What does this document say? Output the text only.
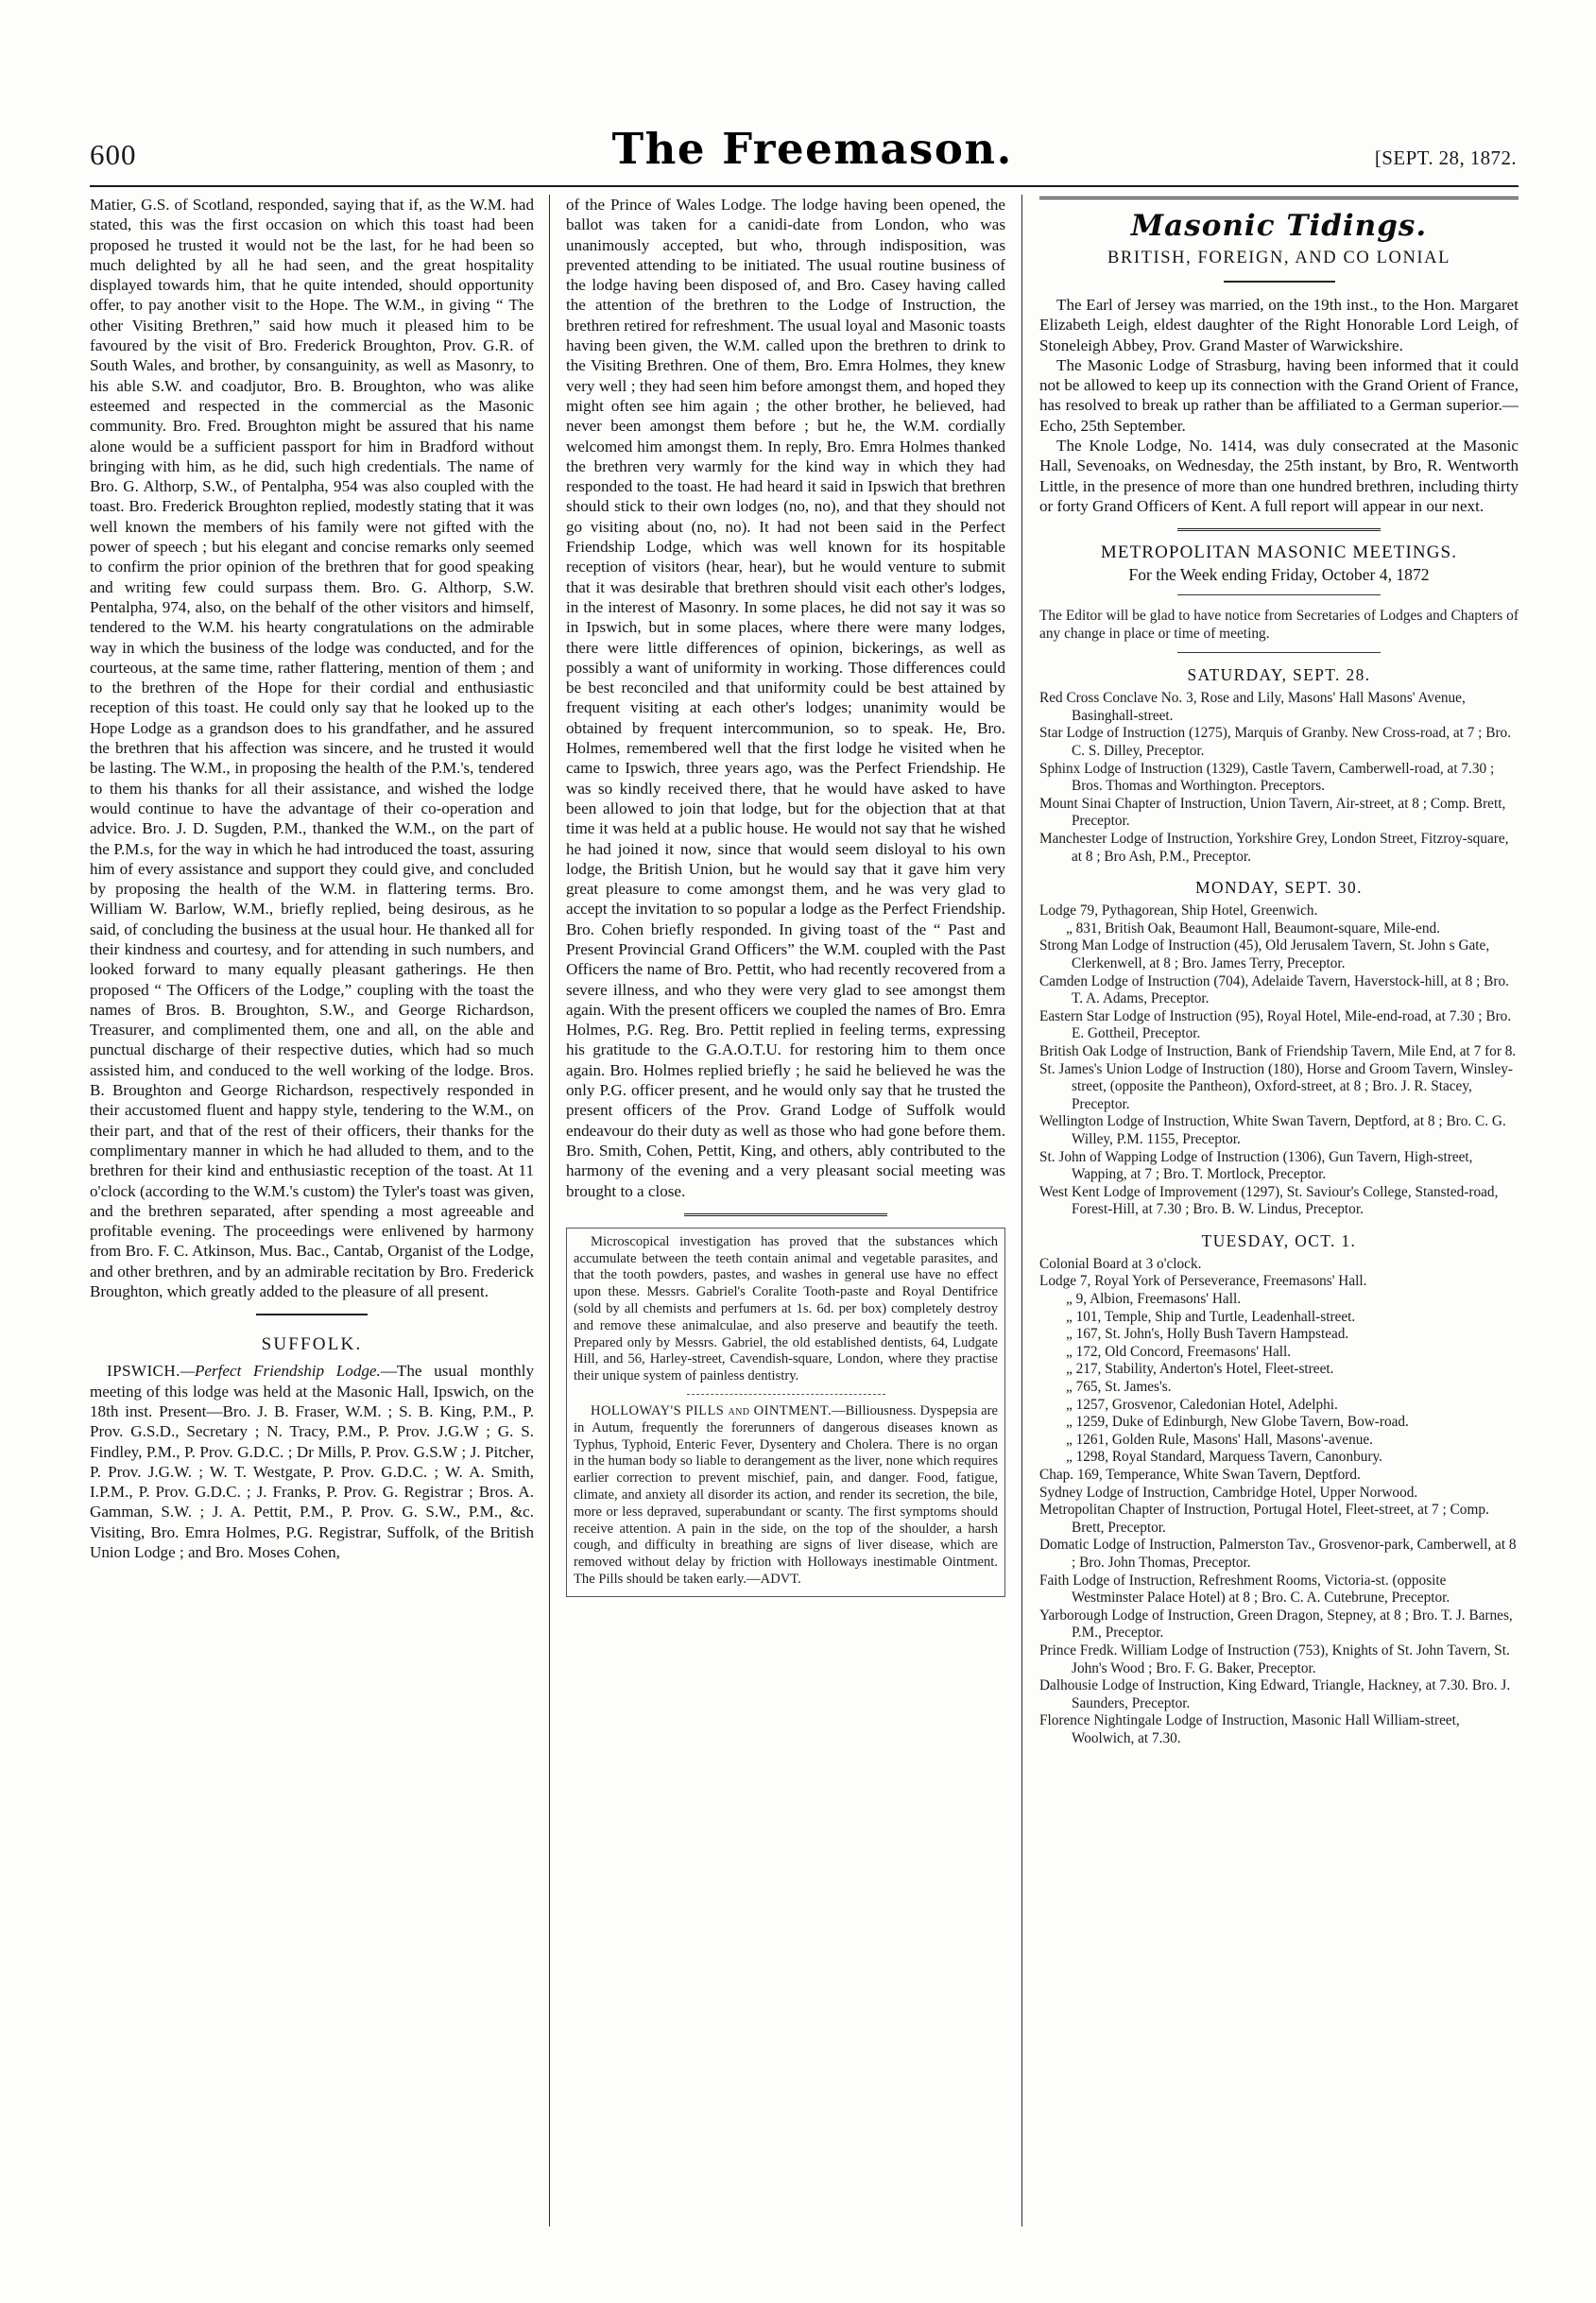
600	The Freemason.	[SEPT. 28, 1872.

Matier, G.S. of Scotland, responded, saying that if, as the W.M. had stated, this was the first occasion on which this toast had been proposed he trusted it would not be the last, for he had been so much delighted by all he had seen, and the great hospitality displayed towards him, that he quite intended, should opportunity offer, to pay another visit to the Hope. The W.M., in giving “ The other Visiting Brethren,” said how much it pleased him to be favoured by the visit of Bro. Frederick Broughton, Prov. G.R. of South Wales, and brother, by consanguinity, as well as Masonry, to his able S.W. and coadjutor, Bro. B. Broughton, who was alike esteemed and respected in the commercial as the Masonic community. Bro. Fred. Broughton might be assured that his name alone would be a sufficient passport for him in Bradford without bringing with him, as he did, such high credentials. The name of Bro. G. Althorp, S.W., of Pentalpha, 954 was also coupled with the toast. Bro. Frederick Broughton replied, modestly stating that it was well known the members of his family were not gifted with the power of speech ; but his elegant and concise remarks only seemed to confirm the prior opinion of the brethren that for good speaking and writing few could surpass them. Bro. G. Althorp, S.W. Pentalpha, 974, also, on the behalf of the other visitors and himself, tendered to the W.M. his hearty congratulations on the admirable way in which the business of the lodge was conducted, and for the courteous, at the same time, rather flattering, mention of them ; and to the brethren of the Hope for their cordial and enthusiastic reception of this toast. He could only say that he looked up to the Hope Lodge as a grandson does to his grandfather, and he assured the brethren that his affection was sincere, and he trusted it would be lasting. The W.M., in proposing the health of the P.M.'s, tendered to them his thanks for all their assistance, and wished the lodge would continue to have the advantage of their co-operation and advice. Bro. J. D. Sugden, P.M., thanked the W.M., on the part of the P.M.s, for the way in which he had introduced the toast, assuring him of every assistance and support they could give, and concluded by proposing the health of the W.M. in flattering terms. Bro. William W. Barlow, W.M., briefly replied, being desirous, as he said, of concluding the business at the usual hour. He thanked all for their kindness and courtesy, and for attending in such numbers, and looked forward to many equally pleasant gatherings. He then proposed “ The Officers of the Lodge,” coupling with the toast the names of Bros. B. Broughton, S.W., and George Richardson, Treasurer, and complimented them, one and all, on the able and punctual discharge of their respective duties, which had so much assisted him, and conduced to the well working of the lodge. Bros. B. Broughton and George Richardson, respectively responded in their accustomed fluent and happy style, tendering to the W.M., on their part, and that of the rest of their officers, their thanks for the complimentary manner in which he had alluded to them, and to the brethren for their kind and enthusiastic reception of the toast. At 11 o'clock (according to the W.M.'s custom) the Tyler's toast was given, and the brethren separated, after spending a most agreeable and profitable evening. The proceedings were enlivened by harmony from Bro. F. C. Atkinson, Mus. Bac., Cantab, Organist of the Lodge, and other brethren, and by an admirable recitation by Bro. Frederick Broughton, which greatly added to the pleasure of all present.

SUFFOLK.

IPSWICH.—Perfect Friendship Lodge.—The usual monthly meeting of this lodge was held at the Masonic Hall, Ipswich, on the 18th inst. Present—Bro. J. B. Fraser, W.M. ; S. B. King, P.M., P. Prov. G.S.D., Secretary ; N. Tracy, P.M., P. Prov. J.G.W ; G. S. Findley, P.M., P. Prov. G.D.C. ; Dr Mills, P. Prov. G.S.W ; J. Pitcher, P. Prov. J.G.W. ; W. T. Westgate, P. Prov. G.D.C. ; W. A. Smith, I.P.M., P. Prov. G.D.C. ; J. Franks, P. Prov. G. Registrar ; Bros. A. Gamman, S.W. ; J. A. Pettit, P.M., P. Prov. G. S.W., P.M., &c. Visiting, Bro. Emra Holmes, P.G. Registrar, Suffolk, of the British Union Lodge ; and Bro. Moses Cohen,

of the Prince of Wales Lodge. The lodge having been opened, the ballot was taken for a canidi-date from London, who was unanimously accepted, but who, through indisposition, was prevented attending to be initiated. The usual routine business of the lodge having been disposed of, and Bro. Casey having called the attention of the brethren to the Lodge of Instruction, the brethren retired for refreshment. The usual loyal and Masonic toasts having been given, the W.M. called upon the brethren to drink to the Visiting Brethren. One of them, Bro. Emra Holmes, they knew very well ; they had seen him before amongst them, and hoped they might often see him again ; the other brother, he believed, had never been amongst them before ; but he, the W.M. cordially welcomed him amongst them. In reply, Bro. Emra Holmes thanked the brethren very warmly for the kind way in which they had responded to the toast. He had heard it said in Ipswich that brethren should stick to their own lodges (no, no), and that they should not go visiting about (no, no). It had not been said in the Perfect Friendship Lodge, which was well known for its hospitable reception of visitors (hear, hear), but he would venture to submit that it was desirable that brethren should visit each other's lodges, in the interest of Masonry. In some places, he did not say it was so in Ipswich, but in some places, where there were many lodges, there were little differences of opinion, bickerings, as well as possibly a want of uniformity in working. Those differences could be best reconciled and that uniformity could be best attained by frequent visiting at each other's lodges; unanimity would be obtained by frequent intercommunion, so to speak. He, Bro. Holmes, remembered well that the first lodge he visited when he came to Ipswich, three years ago, was the Perfect Friendship. He was so kindly received there, that he would have asked to have been allowed to join that lodge, but for the objection that at that time it was held at a public house. He would not say that he wished he had joined it now, since that would seem disloyal to his own lodge, the British Union, but he would say that it gave him very great pleasure to come amongst them, and he was very glad to accept the invitation to so popular a lodge as the Perfect Friendship. Bro. Cohen briefly responded. In giving toast of the “ Past and Present Provincial Grand Officers” the W.M. coupled with the Past Officers the name of Bro. Pettit, who had recently recovered from a severe illness, and who they were very glad to see amongst them again. With the present officers we coupled the names of Bro. Emra Holmes, P.G. Reg. Bro. Pettit replied in feeling terms, expressing his gratitude to the G.A.O.T.U. for restoring him to them once again. Bro. Holmes replied briefly ; he said he believed he was the only P.G. officer present, and he would only say that he trusted the present officers of the Prov. Grand Lodge of Suffolk would endeavour do their duty as well as those who had gone before them. Bro. Smith, Cohen, Pettit, King, and others, ably contributed to the harmony of the evening and a very pleasant social meeting was brought to a close.

Microscopical investigation has proved that the substances which accumulate between the teeth contain animal and vegetable parasites, and that the tooth powders, pastes, and washes in general use have no effect upon these. Messrs. Gabriel's Coralite Tooth-paste and Royal Dentifrice (sold by all chemists and perfumers at 1s. 6d. per box) completely destroy and remove these animalculae, and also preserve and beautify the teeth. Prepared only by Messrs. Gabriel, the old established dentists, 64, Ludgate Hill, and 56, Harley-street, Cavendish-square, London, where they practise their unique system of painless dentistry.

HOLLOWAY'S PILLS and OINTMENT.—Billiousness. Dyspepsia are in Autum, frequently the forerunners of dangerous diseases known as Typhus, Typhoid, Enteric Fever, Dysentery and Cholera. There is no organ in the human body so liable to derangement as the liver, none which requires earlier correction to prevent mischief, pain, and danger. Food, fatigue, climate, and anxiety all disorder its action, and render its secretion, the bile, more or less depraved, superabundant or scanty. The first symptoms should receive attention. A pain in the side, on the top of the shoulder, a harsh cough, and difficulty in breathing are signs of liver disease, which are removed without delay by friction with Holloways inestimable Ointment. The Pills should be taken early.—ADVT.

Masonic Tidings.
BRITISH, FOREIGN, AND CO LONIAL

The Earl of Jersey was married, on the 19th inst., to the Hon. Margaret Elizabeth Leigh, eldest daughter of the Right Honorable Lord Leigh, of Stoneleigh Abbey, Prov. Grand Master of Warwickshire.

The Masonic Lodge of Strasburg, having been informed that it could not be allowed to keep up its connection with the Grand Orient of France, has resolved to break up rather than be affiliated to a German superior.—Echo, 25th September.

The Knole Lodge, No. 1414, was duly consecrated at the Masonic Hall, Sevenoaks, on Wednesday, the 25th instant, by Bro, R. Wentworth Little, in the presence of more than one hundred brethren, including thirty or forty Grand Officers of Kent. A full report will appear in our next.

METROPOLITAN MASONIC MEETINGS.
For the Week ending Friday, October 4, 1872

The Editor will be glad to have notice from Secretaries of Lodges and Chapters of any change in place or time of meeting.

SATURDAY, SEPT. 28.

Red Cross Conclave No. 3, Rose and Lily, Masons' Hall Masons' Avenue, Basinghall-street.

Star Lodge of Instruction (1275), Marquis of Granby. New Cross-road, at 7 ; Bro. C. S. Dilley, Preceptor.

Sphinx Lodge of Instruction (1329), Castle Tavern, Camberwell-road, at 7.30 ; Bros. Thomas and Worthington. Preceptors.

Mount Sinai Chapter of Instruction, Union Tavern, Air-street, at 8 ; Comp. Brett, Preceptor.

Manchester Lodge of Instruction, Yorkshire Grey, London Street, Fitzroy-square, at 8 ; Bro Ash, P.M., Preceptor.

MONDAY, SEPT. 30.

Lodge 79, Pythagorean, Ship Hotel, Greenwich.

„ 831, British Oak, Beaumont Hall, Beaumont-square, Mile-end.

Strong Man Lodge of Instruction (45), Old Jerusalem Tavern, St. John s Gate, Clerkenwell, at 8 ; Bro. James Terry, Preceptor.

Camden Lodge of Instruction (704), Adelaide Tavern, Haverstock-hill, at 8 ; Bro. T. A. Adams, Preceptor.

Eastern Star Lodge of Instruction (95), Royal Hotel, Mile-end-road, at 7.30 ; Bro. E. Gottheil, Preceptor.

British Oak Lodge of Instruction, Bank of Friendship Tavern, Mile End, at 7 for 8.

St. James's Union Lodge of Instruction (180), Horse and Groom Tavern, Winsley-street, (opposite the Pantheon), Oxford-street, at 8 ; Bro. J. R. Stacey, Preceptor.

Wellington Lodge of Instruction, White Swan Tavern, Deptford, at 8 ; Bro. C. G. Willey, P.M. 1155, Preceptor.

St. John of Wapping Lodge of Instruction (1306), Gun Tavern, High-street, Wapping, at 7 ; Bro. T. Mortlock, Preceptor.

West Kent Lodge of Improvement (1297), St. Saviour's College, Stansted-road, Forest-Hill, at 7.30 ; Bro. B. W. Lindus, Preceptor.

TUESDAY, OCT. 1.

Colonial Board at 3 o'clock.

Lodge 7, Royal York of Perseverance, Freemasons' Hall.

„ 9, Albion, Freemasons' Hall.

„ 101, Temple, Ship and Turtle, Leadenhall-street.

„ 167, St. John's, Holly Bush Tavern Hampstead.

„ 172, Old Concord, Freemasons' Hall.

„ 217, Stability, Anderton's Hotel, Fleet-street.

„ 765, St. James's.

„ 1257, Grosvenor, Caledonian Hotel, Adelphi.

„ 1259, Duke of Edinburgh, New Globe Tavern, Bow-road.

„ 1261, Golden Rule, Masons' Hall, Masons'-avenue.

„ 1298, Royal Standard, Marquess Tavern, Canonbury.

Chap. 169, Temperance, White Swan Tavern, Deptford.

Sydney Lodge of Instruction, Cambridge Hotel, Upper Norwood.

Metropolitan Chapter of Instruction, Portugal Hotel, Fleet-street, at 7 ; Comp. Brett, Preceptor.

Domatic Lodge of Instruction, Palmerston Tav., Grosvenor-park, Camberwell, at 8 ; Bro. John Thomas, Preceptor.

Faith Lodge of Instruction, Refreshment Rooms, Victoria-st. (opposite Westminster Palace Hotel) at 8 ; Bro. C. A. Cutebrune, Preceptor.

Yarborough Lodge of Instruction, Green Dragon, Stepney, at 8 ; Bro. T. J. Barnes, P.M., Preceptor.

Prince Fredk. William Lodge of Instruction (753), Knights of St. John Tavern, St. John's Wood ; Bro. F. G. Baker, Preceptor.

Dalhousie Lodge of Instruction, King Edward, Triangle, Hackney, at 7.30. Bro. J. Saunders, Preceptor.

Florence Nightingale Lodge of Instruction, Masonic Hall William-street, Woolwich, at 7.30.
